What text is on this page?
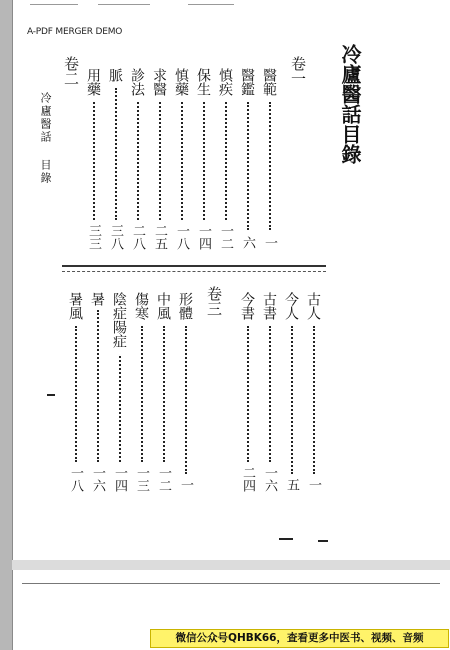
A-PDF MERGER DEMO
冷廬醫話目錄
卷一
醫範
一
醫鑑
六
慎疾
一二
保生
一四
慎藥
一八
求醫
二五
診法
二八
脈
三八
用藥
三三
卷二
冷廬醫話 目錄
卷三	古人
一
今人
五
古書
一六
今書
二四
形體
一
中風
一二
傷寒
一三
陰症陽症
一四
暑
一六
暑風
一八
微信公众号QHBK66，查看更多中医书、视频、音频
